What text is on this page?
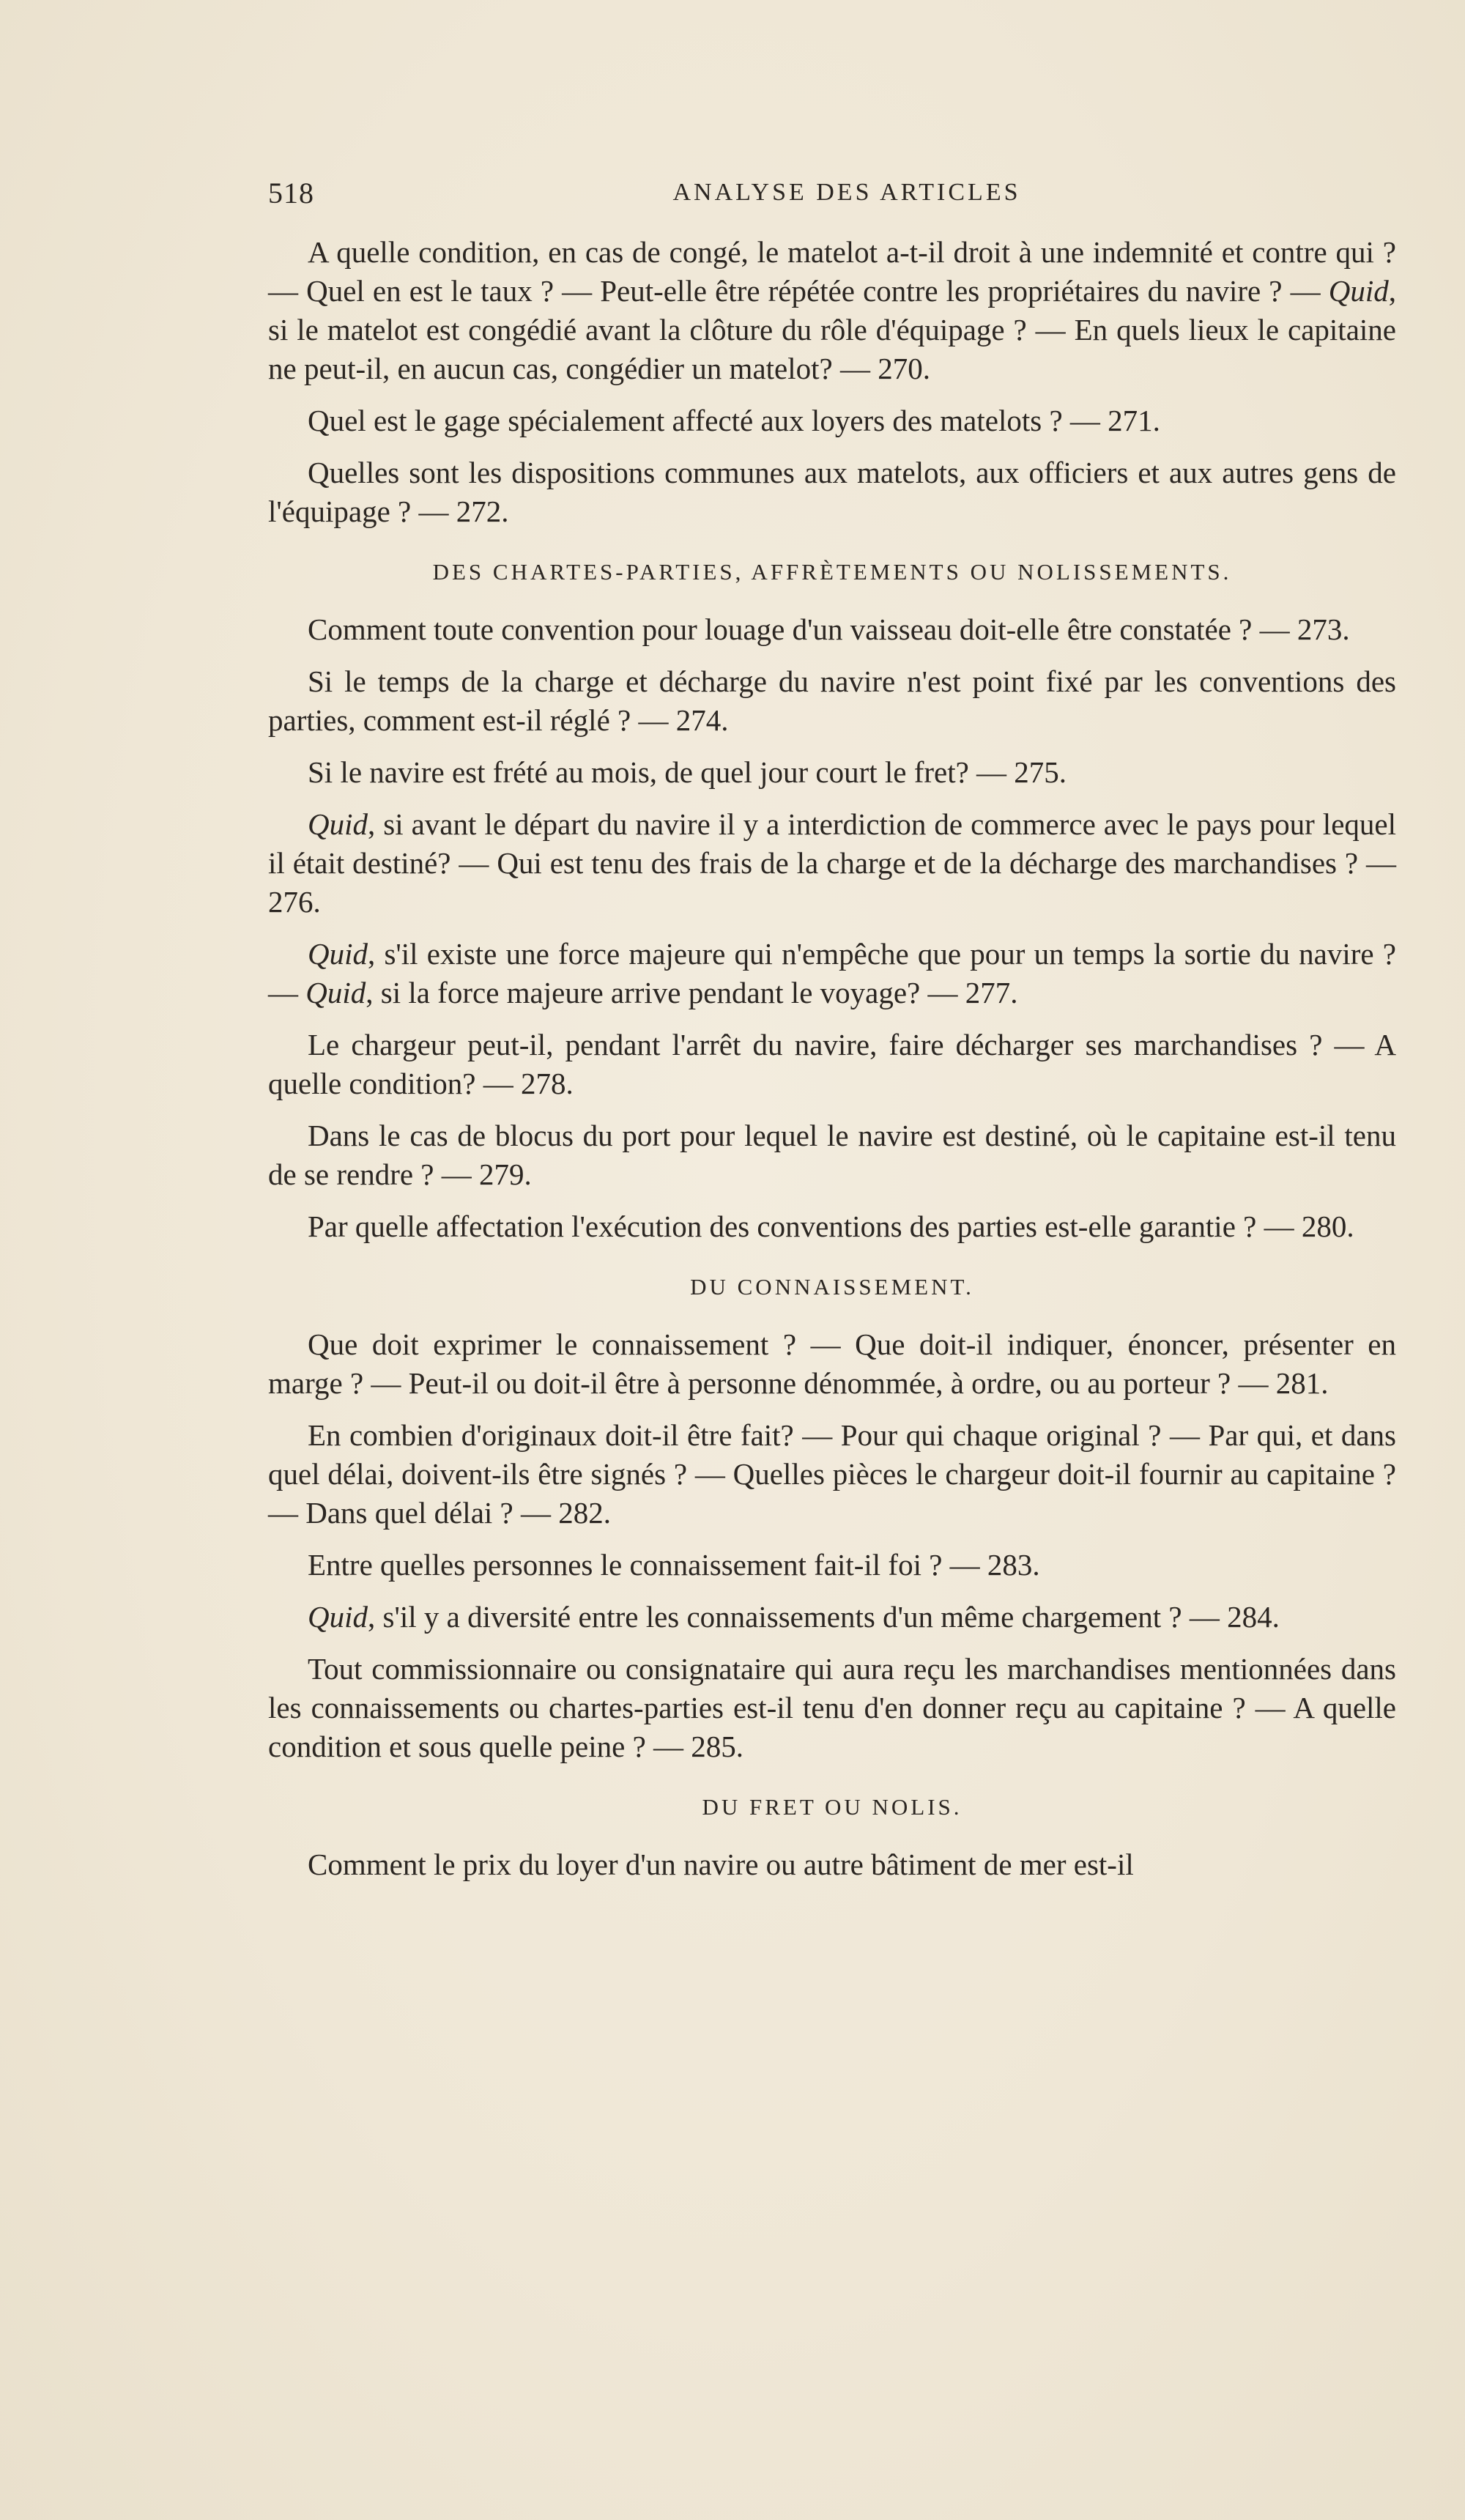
518	ANALYSE DES ARTICLES

A quelle condition, en cas de congé, le matelot a-t-il droit à une indemnité et contre qui ? — Quel en est le taux ? — Peut-elle être répétée contre les propriétaires du navire ? — Quid, si le matelot est congédié avant la clôture du rôle d'équipage ? — En quels lieux le capitaine ne peut-il, en aucun cas, congédier un matelot? — 270.

Quel est le gage spécialement affecté aux loyers des matelots ? — 271.

Quelles sont les dispositions communes aux matelots, aux officiers et aux autres gens de l'équipage ? — 272.

DES CHARTES-PARTIES, AFFRÈTEMENTS OU NOLISSEMENTS.

Comment toute convention pour louage d'un vaisseau doit-elle être constatée ? — 273.

Si le temps de la charge et décharge du navire n'est point fixé par les conventions des parties, comment est-il réglé ? — 274.

Si le navire est frété au mois, de quel jour court le fret? — 275.

Quid, si avant le départ du navire il y a interdiction de commerce avec le pays pour lequel il était destiné? — Qui est tenu des frais de la charge et de la décharge des marchandises ? — 276.

Quid, s'il existe une force majeure qui n'empêche que pour un temps la sortie du navire ? — Quid, si la force majeure arrive pendant le voyage? — 277.

Le chargeur peut-il, pendant l'arrêt du navire, faire décharger ses marchandises ? — A quelle condition? — 278.

Dans le cas de blocus du port pour lequel le navire est destiné, où le capitaine est-il tenu de se rendre ? — 279.

Par quelle affectation l'exécution des conventions des parties est-elle garantie ? — 280.

DU CONNAISSEMENT.

Que doit exprimer le connaissement ? — Que doit-il indiquer, énoncer, présenter en marge ? — Peut-il ou doit-il être à personne dénommée, à ordre, ou au porteur ? — 281.

En combien d'originaux doit-il être fait? — Pour qui chaque original ? — Par qui, et dans quel délai, doivent-ils être signés ? — Quelles pièces le chargeur doit-il fournir au capitaine ? — Dans quel délai ? — 282.

Entre quelles personnes le connaissement fait-il foi ? — 283.

Quid, s'il y a diversité entre les connaissements d'un même chargement ? — 284.

Tout commissionnaire ou consignataire qui aura reçu les marchandises mentionnées dans les connaissements ou chartes-parties est-il tenu d'en donner reçu au capitaine ? — A quelle condition et sous quelle peine ? — 285.

DU FRET OU NOLIS.

Comment le prix du loyer d'un navire ou autre bâtiment de mer est-il
